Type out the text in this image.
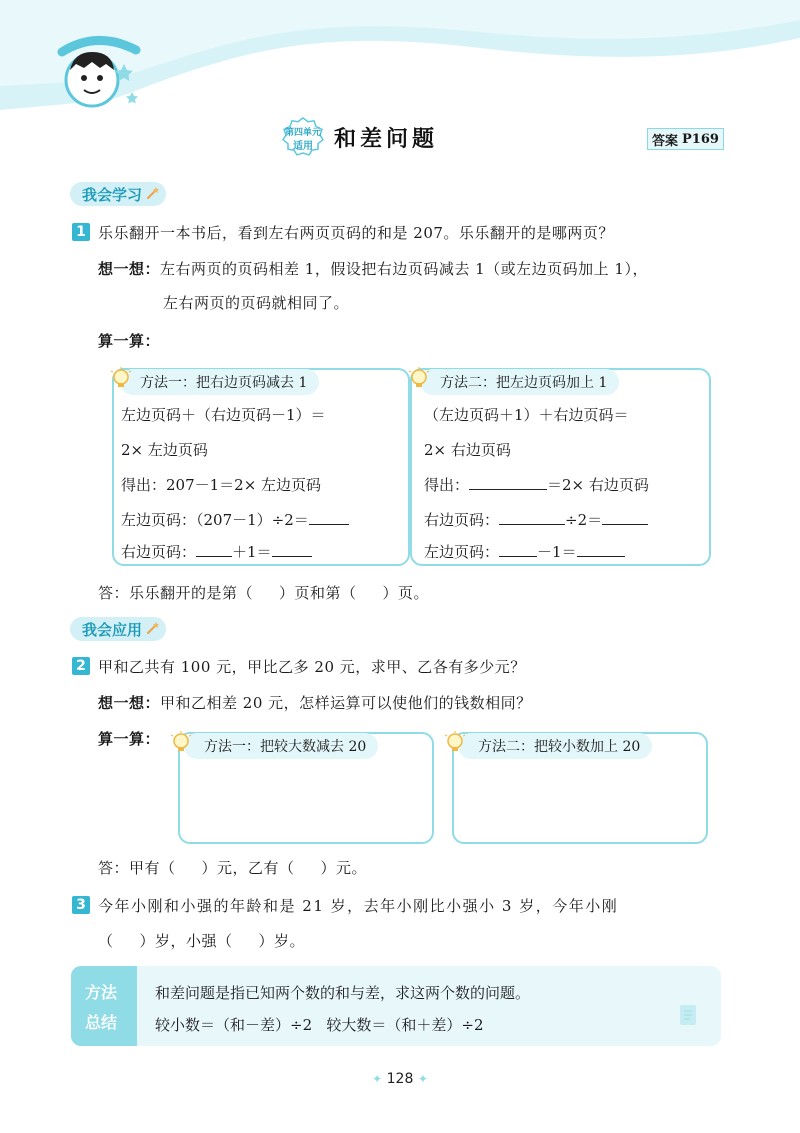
第四单元
适用 和差问题	答案 P169
我会学习
1 乐乐翻开一本书后，看到左右两页页码的和是 207。乐乐翻开的是哪两页？
想一想：左右两页的页码相差 1，假设把右边页码减去 1（或左边页码加上 1），
左右两页的页码就相同了。
算一算：
左边页码＋（右边页码－1）＝
2× 左边页码
得出：207－1＝2× 左边页码
左边页码：（207－1）÷2＝
右边页码： ＋1＝
方法一：把右边页码减去 1
（左边页码＋1）＋右边页码＝
2× 右边页码
得出：	＝2× 右边页码
右边页码：	÷2＝
左边页码：	－1＝
方法二：把左边页码加上 1
答：乐乐翻开的是第（ ）页和第（ ）页。
我会应用
2 甲和乙共有 100 元，甲比乙多 20 元，求甲、乙各有多少元？
想一想：甲和乙相差 20 元，怎样运算可以使他们的钱数相同？
算一算：	方法一：把较大数减去 20	方法二：把较小数加上 20
答：甲有（ ）元，乙有（ ）元。
3 今年小刚和小强的年龄和是 21 岁，去年小刚比小强小 3 岁，今年小刚
（ ）岁，小强（ ）岁。
方法
总结
和差问题是指已知两个数的和与差，求这两个数的问题。
较小数＝（和－差）÷2   较大数＝（和＋差）÷2
✦ 128 ✦
